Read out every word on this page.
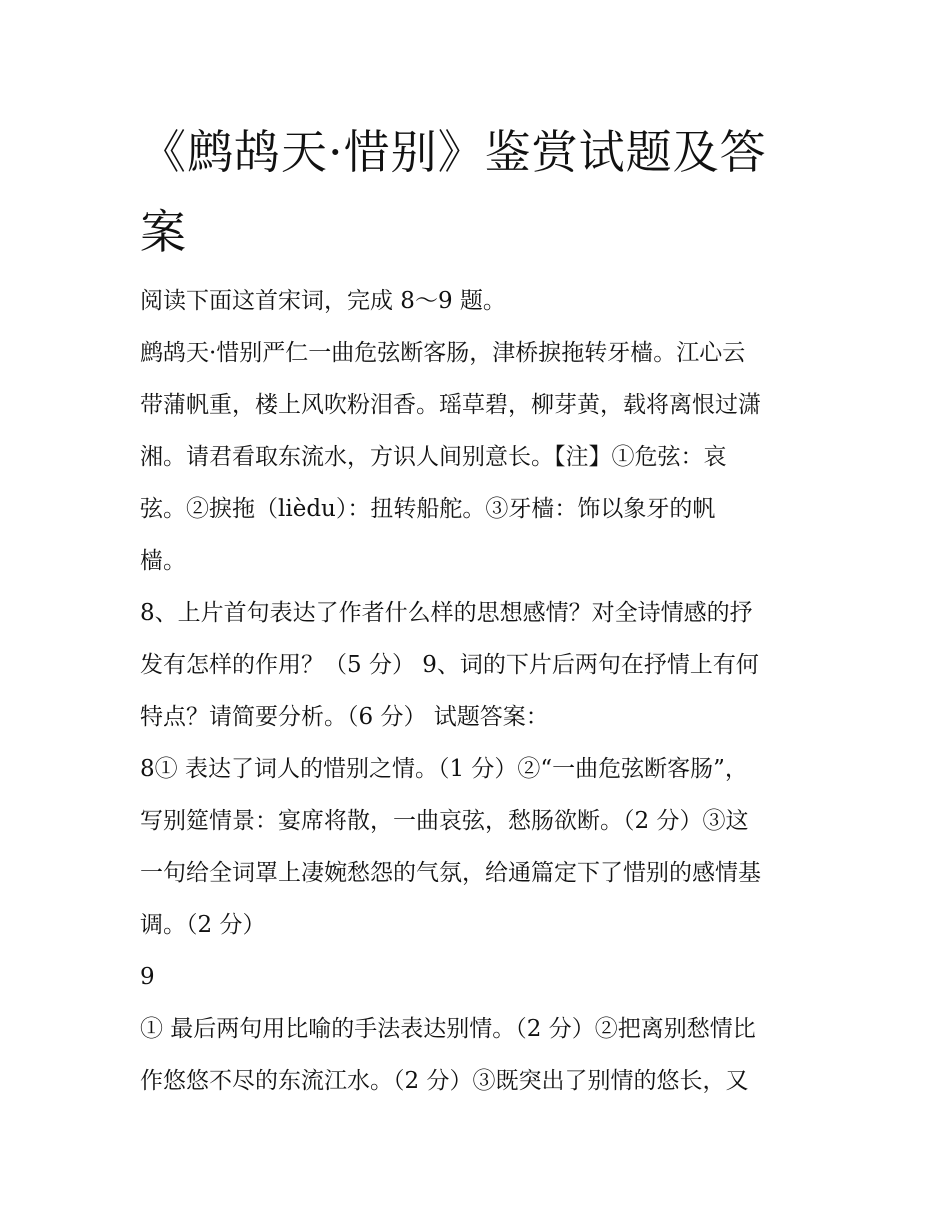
《鹧鸪天·惜别》鉴赏试题及答
案
阅读下面这首宋词，完成 8～9 题。
鹧鸪天·惜别严仁一曲危弦断客肠，津桥捩拖转牙樯。江心云
带蒲帆重，楼上风吹粉泪香。瑶草碧，柳芽黄，载将离恨过潇
湘。请君看取东流水，方识人间别意长。【注】①危弦：哀
弦。②捩拖（lièdu）：扭转船舵。③牙樯：饰以象牙的帆
樯。
8、上片首句表达了作者什么样的思想感情？对全诗情感的抒
发有怎样的作用？（5 分） 9、词的下片后两句在抒情上有何
特点？请简要分析。（6 分） 试题答案：
8① 表达了词人的惜别之情。（1 分）②“一曲危弦断客肠”，
写别筵情景：宴席将散，一曲哀弦，愁肠欲断。（2 分）③这
一句给全词罩上凄婉愁怨的气氛，给通篇定下了惜别的感情基
调。（2 分）
9
① 最后两句用比喻的手法表达别情。（2 分）②把离别愁情比
作悠悠不尽的东流江水。（2 分）③既突出了别情的悠长，又
